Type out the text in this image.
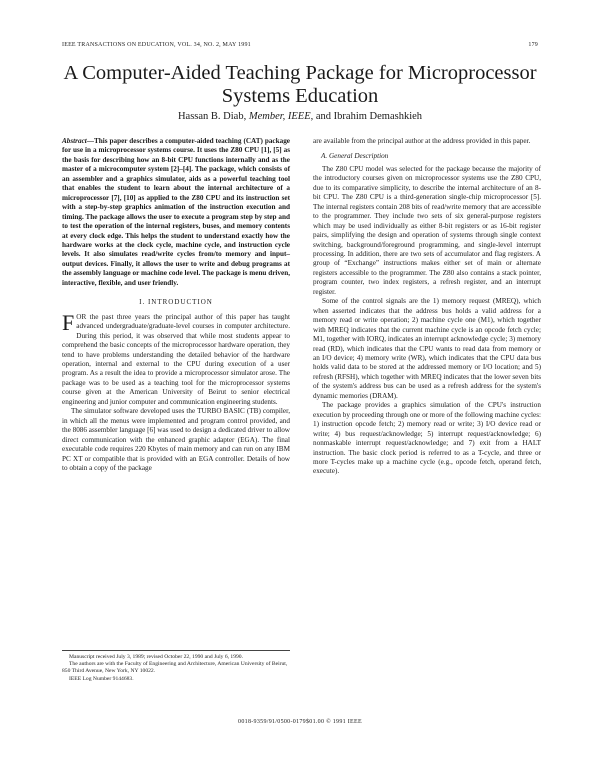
IEEE TRANSACTIONS ON EDUCATION, VOL. 34, NO. 2, MAY 1991	179
A Computer-Aided Teaching Package for Microprocessor Systems Education
Hassan B. Diab, Member, IEEE, and Ibrahim Demashkieh
Abstract—This paper describes a computer-aided teaching (CAT) package for use in a microprocessor systems course. It uses the Z80 CPU [1], [5] as the basis for describing how an 8-bit CPU functions internally and as the master of a microcomputer system [2]–[4]. The package, which consists of an assembler and a graphics simulator, aids as a powerful teaching tool that enables the student to learn about the internal architecture of a microprocessor [7], [10] as applied to the Z80 CPU and its instruction set with a step-by-step graphics animation of the instruction execution and timing. The package allows the user to execute a program step by step and to test the operation of the internal registers, buses, and memory contents at every clock edge. This helps the student to understand exactly how the hardware works at the clock cycle, machine cycle, and instruction cycle levels. It also simulates read/write cycles from/to memory and input–output devices. Finally, it allows the user to write and debug programs at the assembly language or machine code level. The package is menu driven, interactive, flexible, and user friendly.
I. INTRODUCTION

FOR the past three years the principal author of this paper has taught advanced undergraduate/graduate-level courses in computer architecture. During this period, it was observed that while most students appear to comprehend the basic concepts of the microprocessor hardware operation, they tend to have problems understanding the detailed behavior of the hardware operation, internal and external to the CPU during execution of a user program. As a result the idea to provide a microprocessor simulator arose. The package was to be used as a teaching tool for the microprocessor systems course given at the American University of Beirut to senior electrical engineering and junior computer and communication engineering students.

The simulator software developed uses the TURBO BASIC (TB) compiler, in which all the menus were implemented and program control provided, and the 8086 assembler language [6] was used to design a dedicated driver to allow direct communication with the enhanced graphic adapter (EGA). The final executable code requires 220 Kbytes of main memory and can run on any IBM PC XT or compatible that is provided with an EGA controller. Details of how to obtain a copy of the package

Manuscript received July 3, 1989; revised October 22, 1990 and July 6, 1990.

The authors are with the Faculty of Engineering and Architecture, American University of Beirut, 850 Third Avenue, New York, NY 10022.

IEEE Log Number 9144683.

are available from the principal author at the address provided in this paper.

A. General Description

The Z80 CPU model was selected for the package because the majority of the introductory courses given on microprocessor systems use the Z80 CPU, due to its comparative simplicity, to describe the internal architecture of an 8-bit CPU. The Z80 CPU is a third-generation single-chip microprocessor [5]. The internal registers contain 208 bits of read/write memory that are accessible to the programmer. They include two sets of six general-purpose registers which may be used individually as either 8-bit registers or as 16-bit register pairs, simplifying the design and operation of systems through single context switching, background/foreground programming, and single-level interrupt processing. In addition, there are two sets of accumulator and flag registers. A group of “Exchange” instructions makes either set of main or alternate registers accessible to the programmer. The Z80 also contains a stack pointer, program counter, two index registers, a refresh register, and an interrupt register.

Some of the control signals are the 1) memory request (MREQ), which when asserted indicates that the address bus holds a valid address for a memory read or write operation; 2) machine cycle one (M1), which together with MREQ indicates that the current machine cycle is an opcode fetch cycle; M1, together with IORQ, indicates an interrupt acknowledge cycle; 3) memory read (RD), which indicates that the CPU wants to read data from memory or an I/O device; 4) memory write (WR), which indicates that the CPU data bus holds valid data to be stored at the addressed memory or I/O location; and 5) refresh (RFSH), which together with MREQ indicates that the lower seven bits of the system's address bus can be used as a refresh address for the system's dynamic memories (DRAM).

The package provides a graphics simulation of the CPU's instruction execution by proceeding through one or more of the following machine cycles: 1) instruction opcode fetch; 2) memory read or write; 3) I/O device read or write; 4) bus request/acknowledge; 5) interrupt request/acknowledge; 6) nonmaskable interrupt request/acknowledge; and 7) exit from a HALT instruction. The basic clock period is referred to as a T-cycle, and three or more T-cycles make up a machine cycle (e.g., opcode fetch, operand fetch, execute).

0018-9359/91/0500-0179$01.00 © 1991 IEEE
